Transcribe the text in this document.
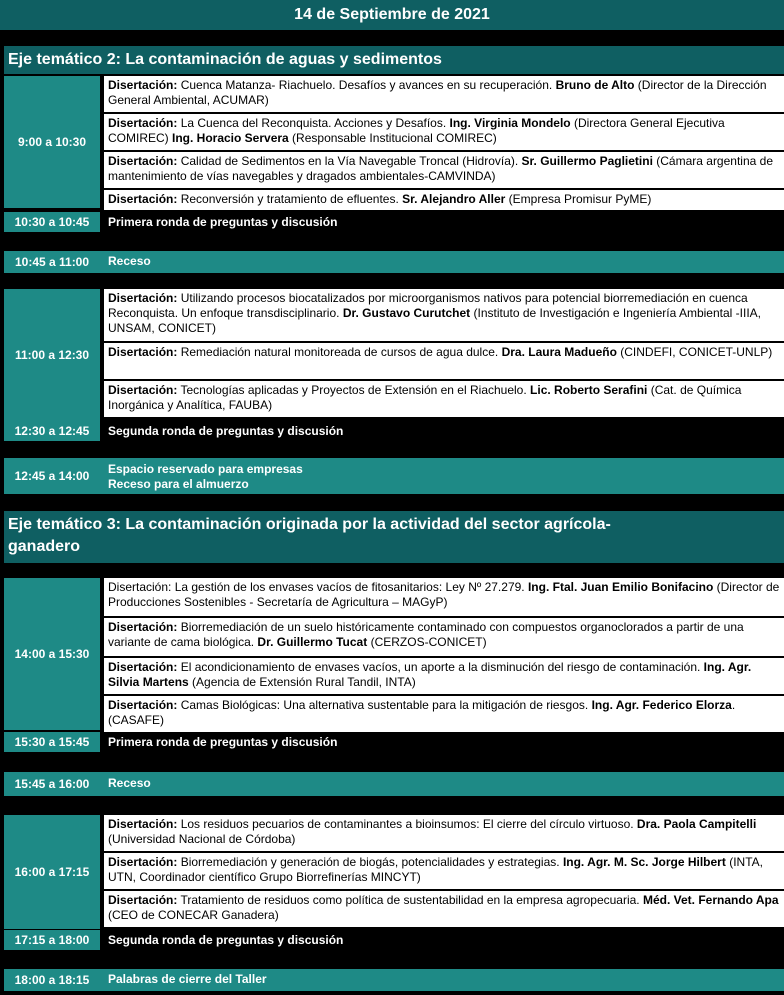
14 de Septiembre de 2021
Eje temático 2: La contaminación de aguas y sedimentos
9:00 a 10:30
Disertación: Cuenca Matanza- Riachuelo. Desafíos y avances en su recuperación. Bruno de Alto (Director de la Dirección General Ambiental, ACUMAR)
Disertación: La Cuenca del Reconquista. Acciones y Desafíos. Ing. Virginia Mondelo (Directora General Ejecutiva COMIREC) Ing. Horacio Servera (Responsable Institucional COMIREC)
Disertación: Calidad de Sedimentos en la Vía Navegable Troncal (Hidrovía). Sr. Guillermo Paglietini (Cámara argentina de mantenimiento de vías navegables y dragados ambientales-CAMVINDA)
Disertación: Reconversión y tratamiento de efluentes. Sr. Alejandro Aller (Empresa Promisur PyME)
10:30 a 10:45	Primera ronda de preguntas y discusión
10:45 a 11:00	Receso
11:00 a 12:30
Disertación: Utilizando procesos biocatalizados por microorganismos nativos para potencial biorremediación en cuenca Reconquista. Un enfoque transdisciplinario. Dr. Gustavo Curutchet (Instituto de Investigación e Ingeniería Ambiental -IIIA, UNSAM, CONICET)
Disertación: Remediación natural monitoreada de cursos de agua dulce. Dra. Laura Madueño (CINDEFI, CONICET-UNLP)
Disertación: Tecnologías aplicadas y Proyectos de Extensión en el Riachuelo. Lic. Roberto Serafini (Cat. de Química Inorgánica y Analítica, FAUBA)
12:30 a 12:45	Segunda ronda de preguntas y discusión
12:45 a 14:00	Espacio reservado para empresas
Receso para el almuerzo
Eje temático 3: La contaminación originada por la actividad del sector agrícola-
ganadero
14:00 a 15:30
Disertación: La gestión de los envases vacíos de fitosanitarios: Ley Nº 27.279. Ing. Ftal. Juan Emilio Bonifacino (Director de Producciones Sostenibles - Secretaría de Agricultura – MAGyP)
Disertación: Biorremediación de un suelo históricamente contaminado con compuestos organoclorados a partir de una variante de cama biológica. Dr. Guillermo Tucat (CERZOS-CONICET)
Disertación: El acondicionamiento de envases vacíos, un aporte a la disminución del riesgo de contaminación. Ing. Agr. Silvia Martens (Agencia de Extensión Rural Tandil, INTA)
Disertación: Camas Biológicas: Una alternativa sustentable para la mitigación de riesgos. Ing. Agr. Federico Elorza. (CASAFE)
15:30 a 15:45	Primera ronda de preguntas y discusión
15:45 a 16:00	Receso
16:00 a 17:15
Disertación: Los residuos pecuarios de contaminantes a bioinsumos: El cierre del círculo virtuoso. Dra. Paola Campitelli (Universidad Nacional de Córdoba)
Disertación: Biorremediación y generación de biogás, potencialidades y estrategias. Ing. Agr. M. Sc. Jorge Hilbert (INTA, UTN, Coordinador científico Grupo Biorrefinerías MINCYT)
Disertación: Tratamiento de residuos como política de sustentabilidad en la empresa agropecuaria. Méd. Vet. Fernando Apa (CEO de CONECAR Ganadera)
17:15 a 18:00	Segunda ronda de preguntas y discusión
18:00 a 18:15	Palabras de cierre del Taller
